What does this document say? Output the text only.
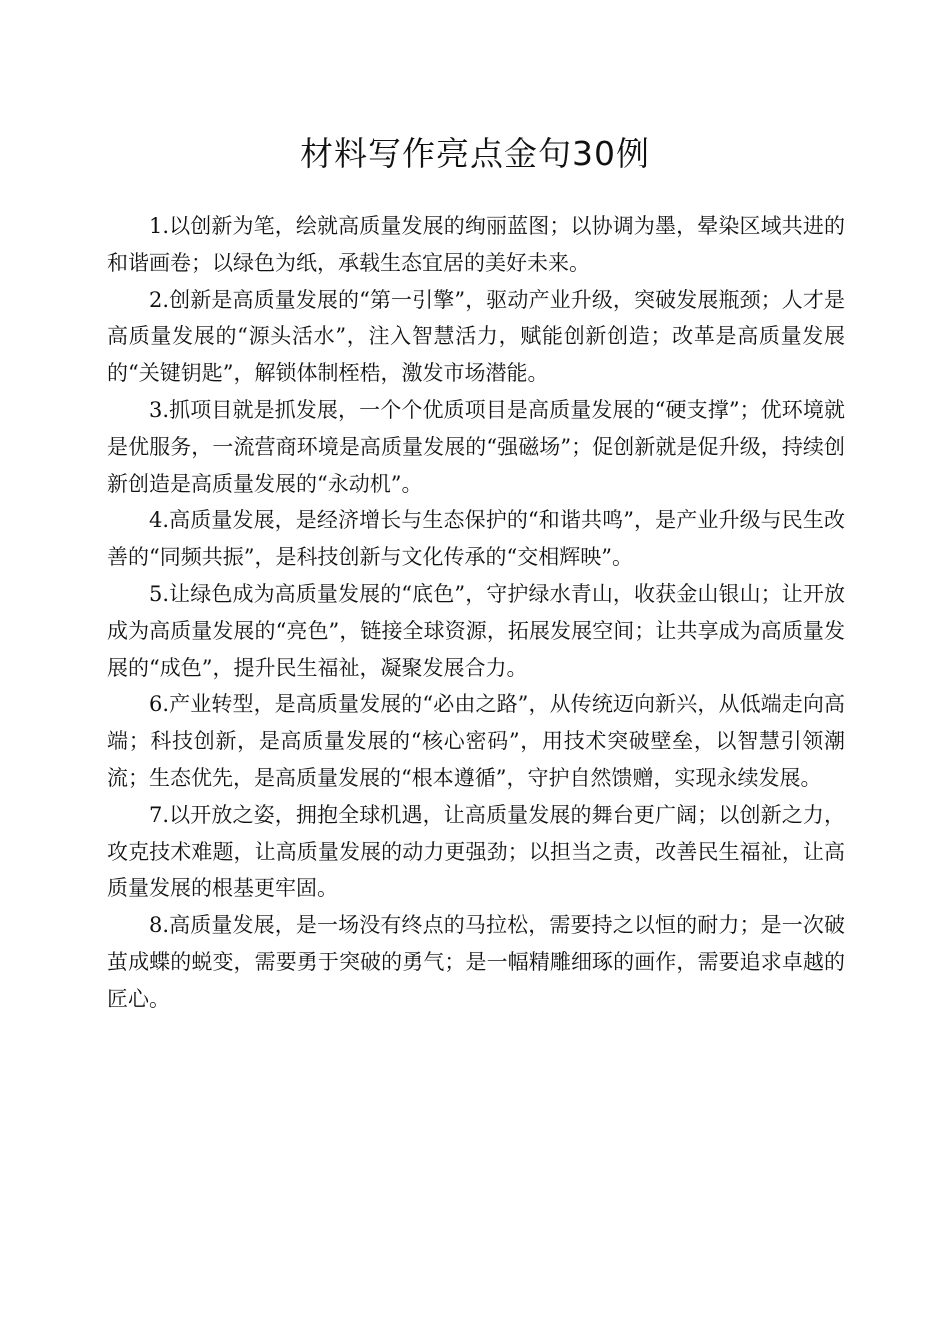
材料写作亮点金句30例

1.以创新为笔，绘就高质量发展的绚丽蓝图；以协调为墨，晕染区域共进的和谐画卷；以绿色为纸，承载生态宜居的美好未来。

2.创新是高质量发展的“第一引擎”，驱动产业升级，突破发展瓶颈；人才是高质量发展的“源头活水”，注入智慧活力，赋能创新创造；改革是高质量发展的“关键钥匙”，解锁体制桎梏，激发市场潜能。

3.抓项目就是抓发展，一个个优质项目是高质量发展的“硬支撑”；优环境就是优服务，一流营商环境是高质量发展的“强磁场”；促创新就是促升级，持续创新创造是高质量发展的“永动机”。

4.高质量发展，是经济增长与生态保护的“和谐共鸣”，是产业升级与民生改善的“同频共振”，是科技创新与文化传承的“交相辉映”。

5.让绿色成为高质量发展的“底色”，守护绿水青山，收获金山银山；让开放成为高质量发展的“亮色”，链接全球资源，拓展发展空间；让共享成为高质量发展的“成色”，提升民生福祉，凝聚发展合力。

6.产业转型，是高质量发展的“必由之路”，从传统迈向新兴，从低端走向高端；科技创新，是高质量发展的“核心密码”，用技术突破壁垒，以智慧引领潮流；生态优先，是高质量发展的“根本遵循”，守护自然馈赠，实现永续发展。

7.以开放之姿，拥抱全球机遇，让高质量发展的舞台更广阔；以创新之力，攻克技术难题，让高质量发展的动力更强劲；以担当之责，改善民生福祉，让高质量发展的根基更牢固。

8.高质量发展，是一场没有终点的马拉松，需要持之以恒的耐力；是一次破茧成蝶的蜕变，需要勇于突破的勇气；是一幅精雕细琢的画作，需要追求卓越的匠心。
